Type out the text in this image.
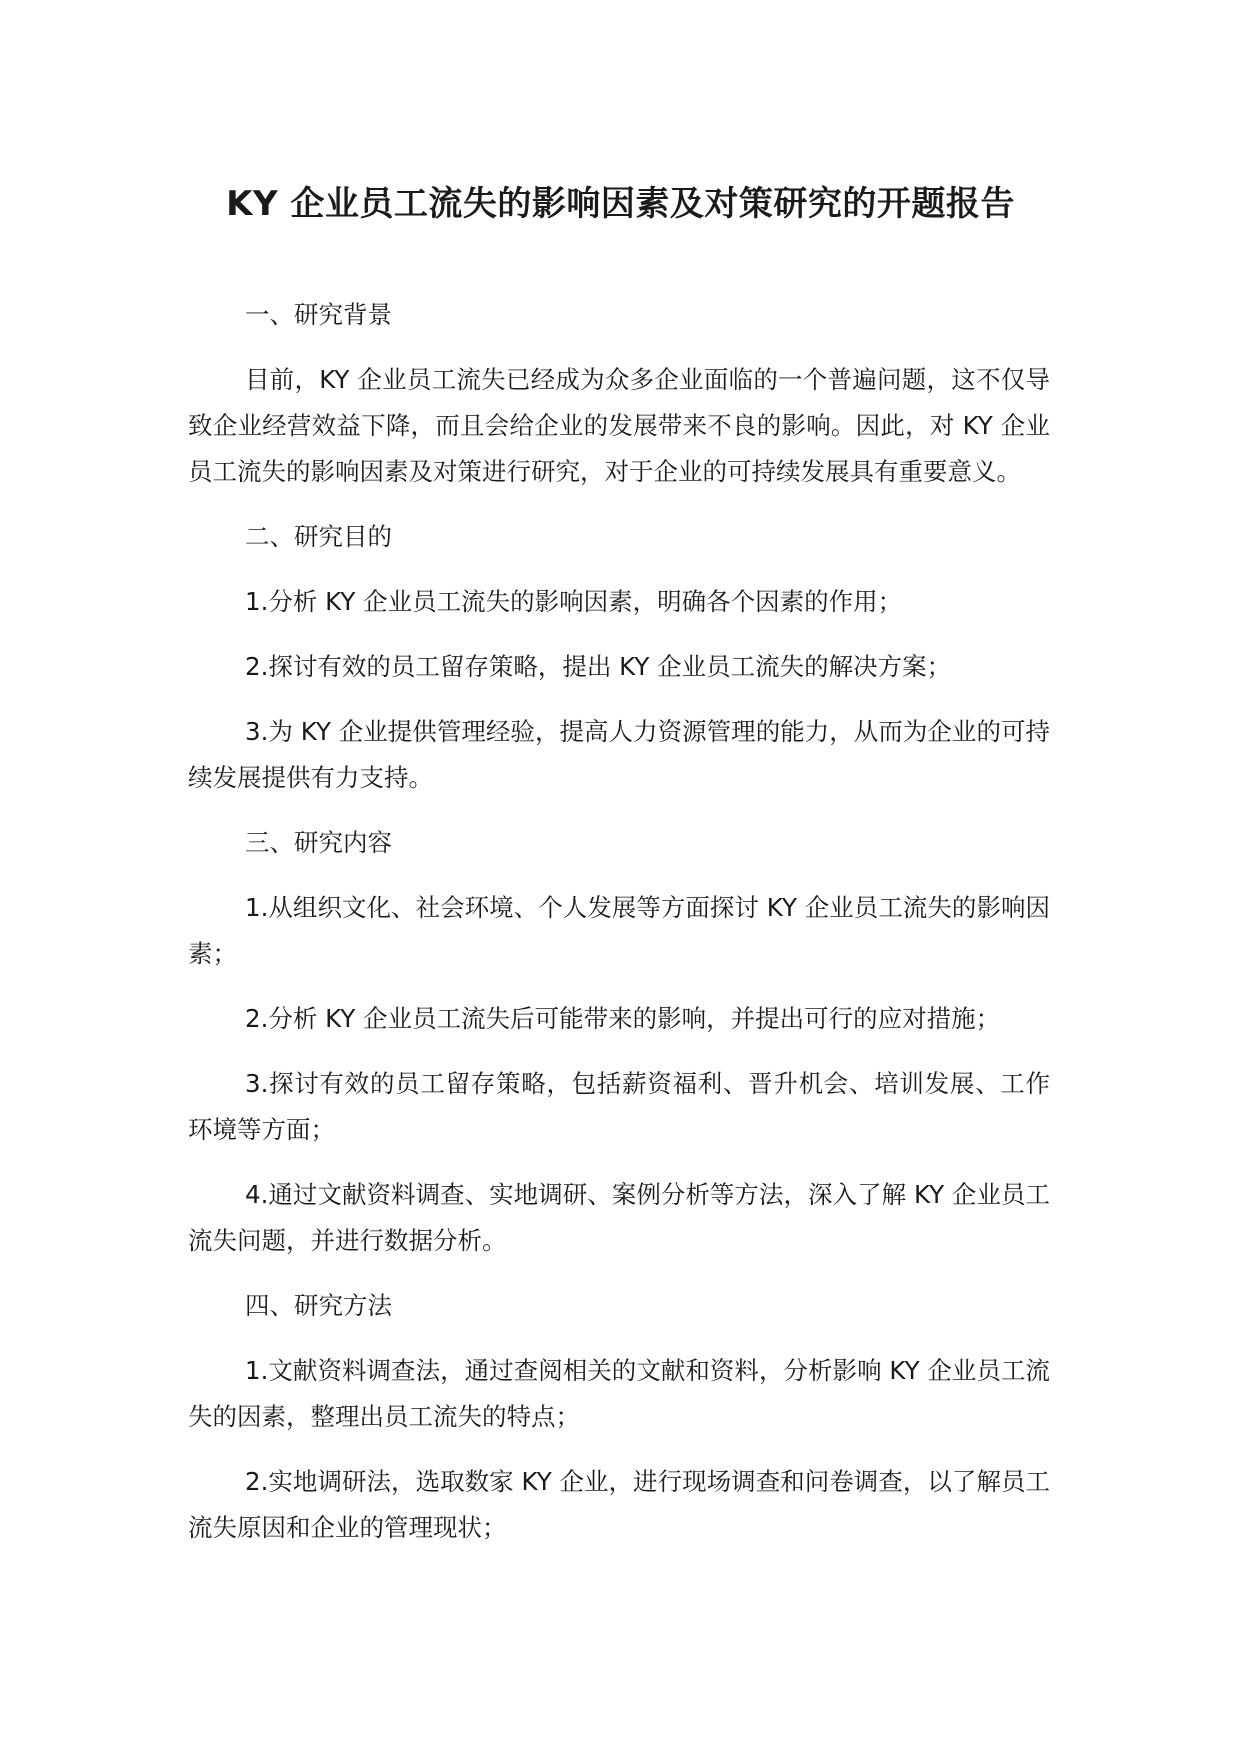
KY 企业员工流失的影响因素及对策研究的开题报告

一、研究背景

目前，KY 企业员工流失已经成为众多企业面临的一个普遍问题，这不仅导致企业经营效益下降，而且会给企业的发展带来不良的影响。因此，对 KY 企业员工流失的影响因素及对策进行研究，对于企业的可持续发展具有重要意义。

二、研究目的

1.分析 KY 企业员工流失的影响因素，明确各个因素的作用；

2.探讨有效的员工留存策略，提出 KY 企业员工流失的解决方案；

3.为 KY 企业提供管理经验，提高人力资源管理的能力，从而为企业的可持续发展提供有力支持。

三、研究内容

1.从组织文化、社会环境、个人发展等方面探讨 KY 企业员工流失的影响因素；

2.分析 KY 企业员工流失后可能带来的影响，并提出可行的应对措施；

3.探讨有效的员工留存策略，包括薪资福利、晋升机会、培训发展、工作环境等方面；

4.通过文献资料调查、实地调研、案例分析等方法，深入了解 KY 企业员工流失问题，并进行数据分析。

四、研究方法

1.文献资料调查法，通过查阅相关的文献和资料，分析影响 KY 企业员工流失的因素，整理出员工流失的特点；

2.实地调研法，选取数家 KY 企业，进行现场调查和问卷调查，以了解员工流失原因和企业的管理现状；
